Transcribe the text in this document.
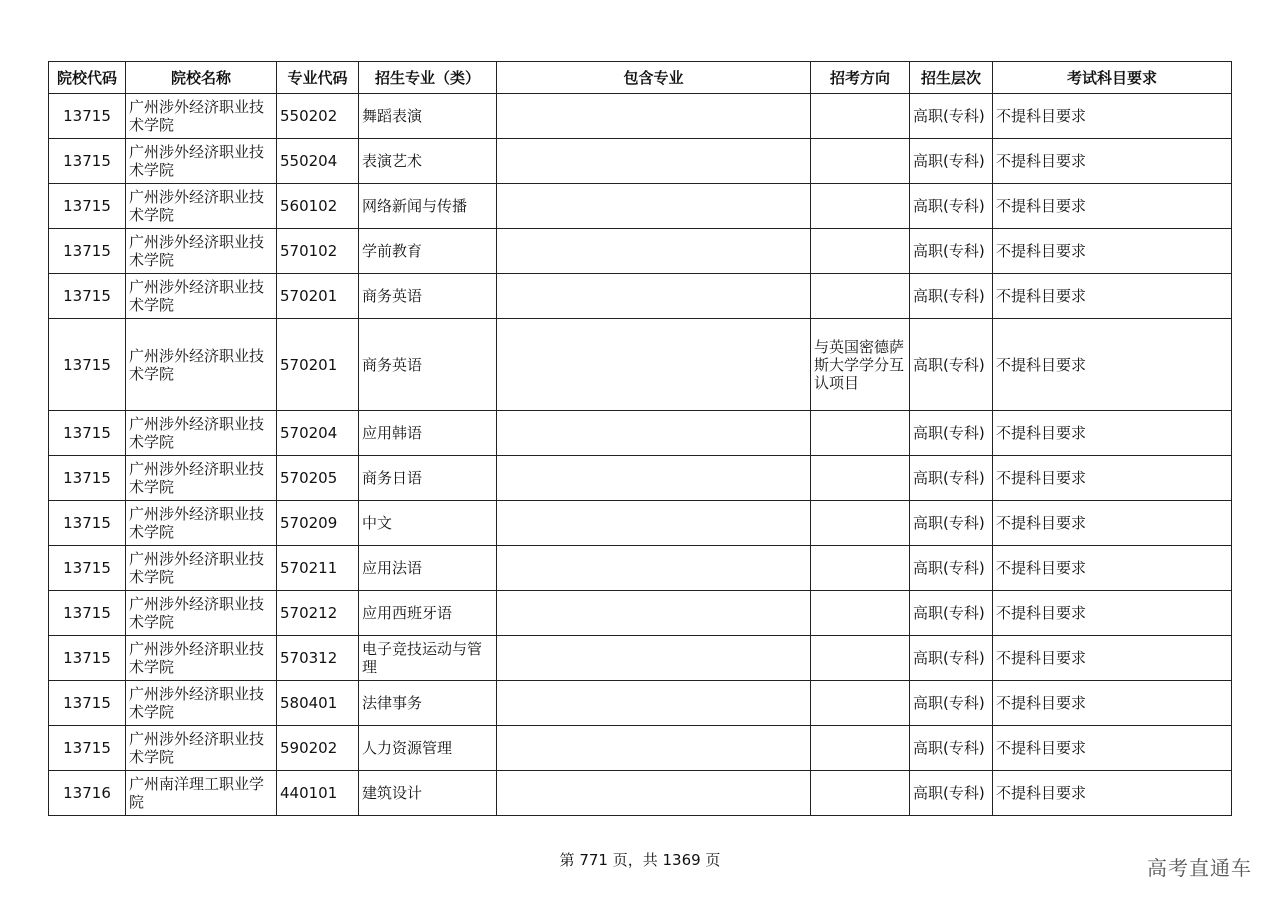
院校代码	院校名称	专业代码	招生专业（类）	包含专业	招考方向	招生层次	考试科目要求
13715	广州涉外经济职业技术学院	550202	舞蹈表演			高职(专科)	不提科目要求
13715	广州涉外经济职业技术学院	550204	表演艺术			高职(专科)	不提科目要求
13715	广州涉外经济职业技术学院	560102	网络新闻与传播			高职(专科)	不提科目要求
13715	广州涉外经济职业技术学院	570102	学前教育			高职(专科)	不提科目要求
13715	广州涉外经济职业技术学院	570201	商务英语			高职(专科)	不提科目要求
13715	广州涉外经济职业技术学院	570201	商务英语		与英国密德萨斯大学学分互认项目	高职(专科)	不提科目要求
13715	广州涉外经济职业技术学院	570204	应用韩语			高职(专科)	不提科目要求
13715	广州涉外经济职业技术学院	570205	商务日语			高职(专科)	不提科目要求
13715	广州涉外经济职业技术学院	570209	中文			高职(专科)	不提科目要求
13715	广州涉外经济职业技术学院	570211	应用法语			高职(专科)	不提科目要求
13715	广州涉外经济职业技术学院	570212	应用西班牙语			高职(专科)	不提科目要求
13715	广州涉外经济职业技术学院	570312	电子竞技运动与管理			高职(专科)	不提科目要求
13715	广州涉外经济职业技术学院	580401	法律事务			高职(专科)	不提科目要求
13715	广州涉外经济职业技术学院	590202	人力资源管理			高职(专科)	不提科目要求
13716	广州南洋理工职业学院	440101	建筑设计			高职(专科)	不提科目要求
第 771 页，共 1369 页	高考直通车
